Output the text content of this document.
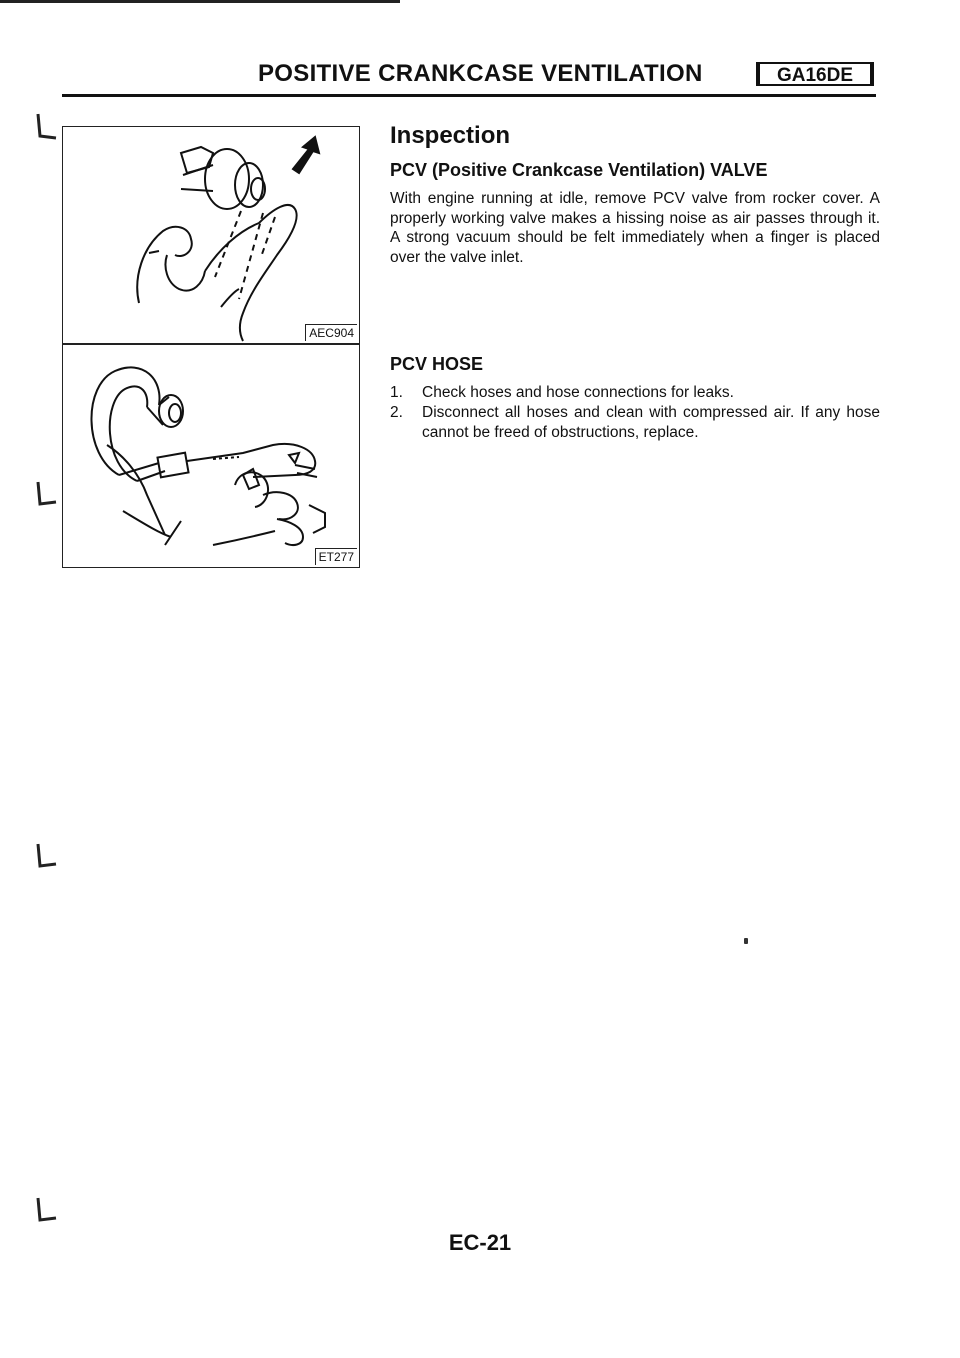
POSITIVE CRANKCASE VENTILATION	GA16DE
AEC904
ET277
Inspection
PCV (Positive Crankcase Ventilation) VALVE

With engine running at idle, remove PCV valve from rocker cover. A properly working valve makes a hissing noise as air passes through it. A strong vacuum should be felt immediately when a finger is placed over the valve inlet.

PCV HOSE
1. Check hoses and hose connections for leaks.
2. Disconnect all hoses and clean with compressed air. If any hose cannot be freed of obstructions, replace.
EC-21
